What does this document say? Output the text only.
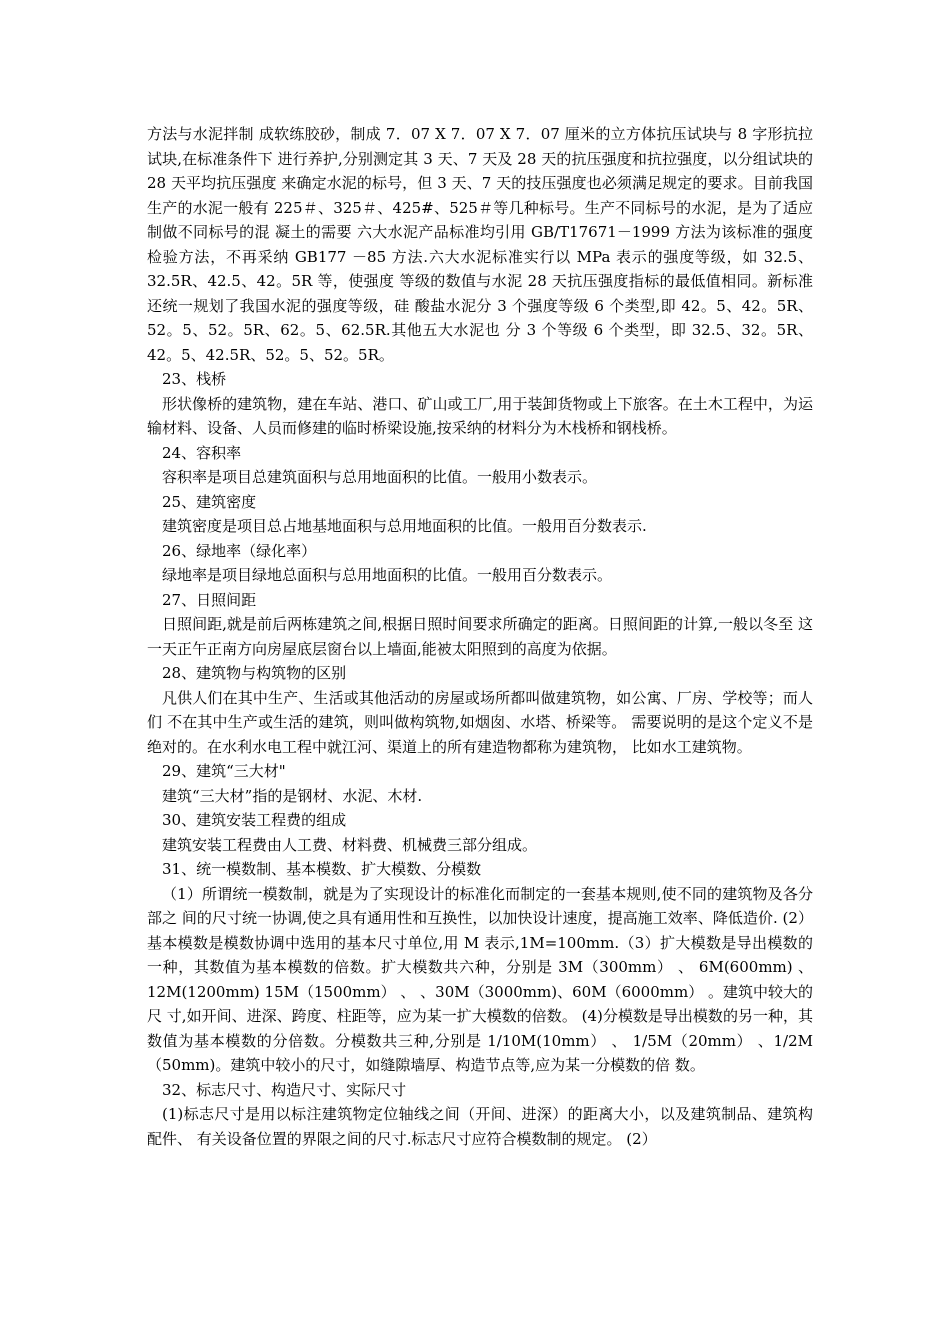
方法与水泥拌制 成软练胶砂，制成 7．07 X 7．07 X 7．07 厘米的立方体抗压试块与 8 字形抗拉试块,在标准条件下 进行养护,分别测定其 3 天、7 天及 28 天的抗压强度和抗拉强度，以分组试块的 28 天平均抗压强度 来确定水泥的标号，但 3 天、7 天的技压强度也必须满足规定的要求。目前我国生产的水泥一般有 225＃、325＃、425#、525＃等几种标号。生产不同标号的水泥，是为了适应制做不同标号的混 凝土的需要 六大水泥产品标准均引用 GB/T17671－1999 方法为该标准的强度检验方法，不再采纳 GB177 －85 方法.六大水泥标准实行以 MPa 表示的强度等级，如 32.5、32.5R、42.5、42。5R 等，使强度 等级的数值与水泥 28 天抗压强度指标的最低值相同。新标准还统一规划了我国水泥的强度等级，硅 酸盐水泥分 3 个强度等级 6 个类型,即 42。5、42。5R、52。5、52。5R、62。5、62.5R.其他五大水泥也 分 3 个等级 6 个类型，即 32.5、32。5R、42。5、42.5R、52。5、52。5R。

23、栈桥

形状像桥的建筑物，建在车站、港口、矿山或工厂,用于装卸货物或上下旅客。在土木工程中，为运输材料、设备、人员而修建的临时桥梁设施,按采纳的材料分为木栈桥和钢栈桥。

24、容积率

容积率是项目总建筑面积与总用地面积的比值。一般用小数表示。

25、建筑密度

建筑密度是项目总占地基地面积与总用地面积的比值。一般用百分数表示.

26、绿地率（绿化率）

绿地率是项目绿地总面积与总用地面积的比值。一般用百分数表示。

27、日照间距

日照间距,就是前后两栋建筑之间,根据日照时间要求所确定的距离。日照间距的计算,一般以冬至 这一天正午正南方向房屋底层窗台以上墙面,能被太阳照到的高度为依据。

28、建筑物与构筑物的区别

凡供人们在其中生产、生活或其他活动的房屋或场所都叫做建筑物，如公寓、厂房、学校等；而人们 不在其中生产或生活的建筑，则叫做构筑物,如烟囱、水塔、桥梁等。 需要说明的是这个定义不是绝对的。在水利水电工程中就江河、渠道上的所有建造物都称为建筑物， 比如水工建筑物。

29、建筑“三大材"

建筑“三大材”指的是钢材、水泥、木材.

30、建筑安装工程费的组成

建筑安装工程费由人工费、材料费、机械费三部分组成。

31、统一模数制、基本模数、扩大模数、分模数

（1）所谓统一模数制，就是为了实现设计的标准化而制定的一套基本规则,使不同的建筑物及各分部之 间的尺寸统一协调,使之具有通用性和互换性，以加快设计速度，提高施工效率、降低造价. (2）基本模数是模数协调中选用的基本尺寸单位,用 M 表示,1M=100mm.（3）扩大模数是导出模数的一种，其数值为基本模数的倍数。扩大模数共六种，分别是 3M（300mm） 、 6M(600mm) 、12M(1200mm) 15M（1500mm） 、 、30M（3000mm)、60M（6000mm） 。建筑中较大的尺 寸,如开间、进深、跨度、柱距等，应为某一扩大模数的倍数。 (4)分模数是导出模数的另一种，其数值为基本模数的分倍数。分模数共三种,分别是 1/10M(10mm） 、 1/5M（20mm） 、1/2M （50mm)。建筑中较小的尺寸，如缝隙墙厚、构造节点等,应为某一分模数的倍 数。

32、标志尺寸、构造尺寸、实际尺寸

(1)标志尺寸是用以标注建筑物定位轴线之间（开间、进深）的距离大小，以及建筑制品、建筑构配件、 有关设备位置的界限之间的尺寸.标志尺寸应符合模数制的规定。 (2）
